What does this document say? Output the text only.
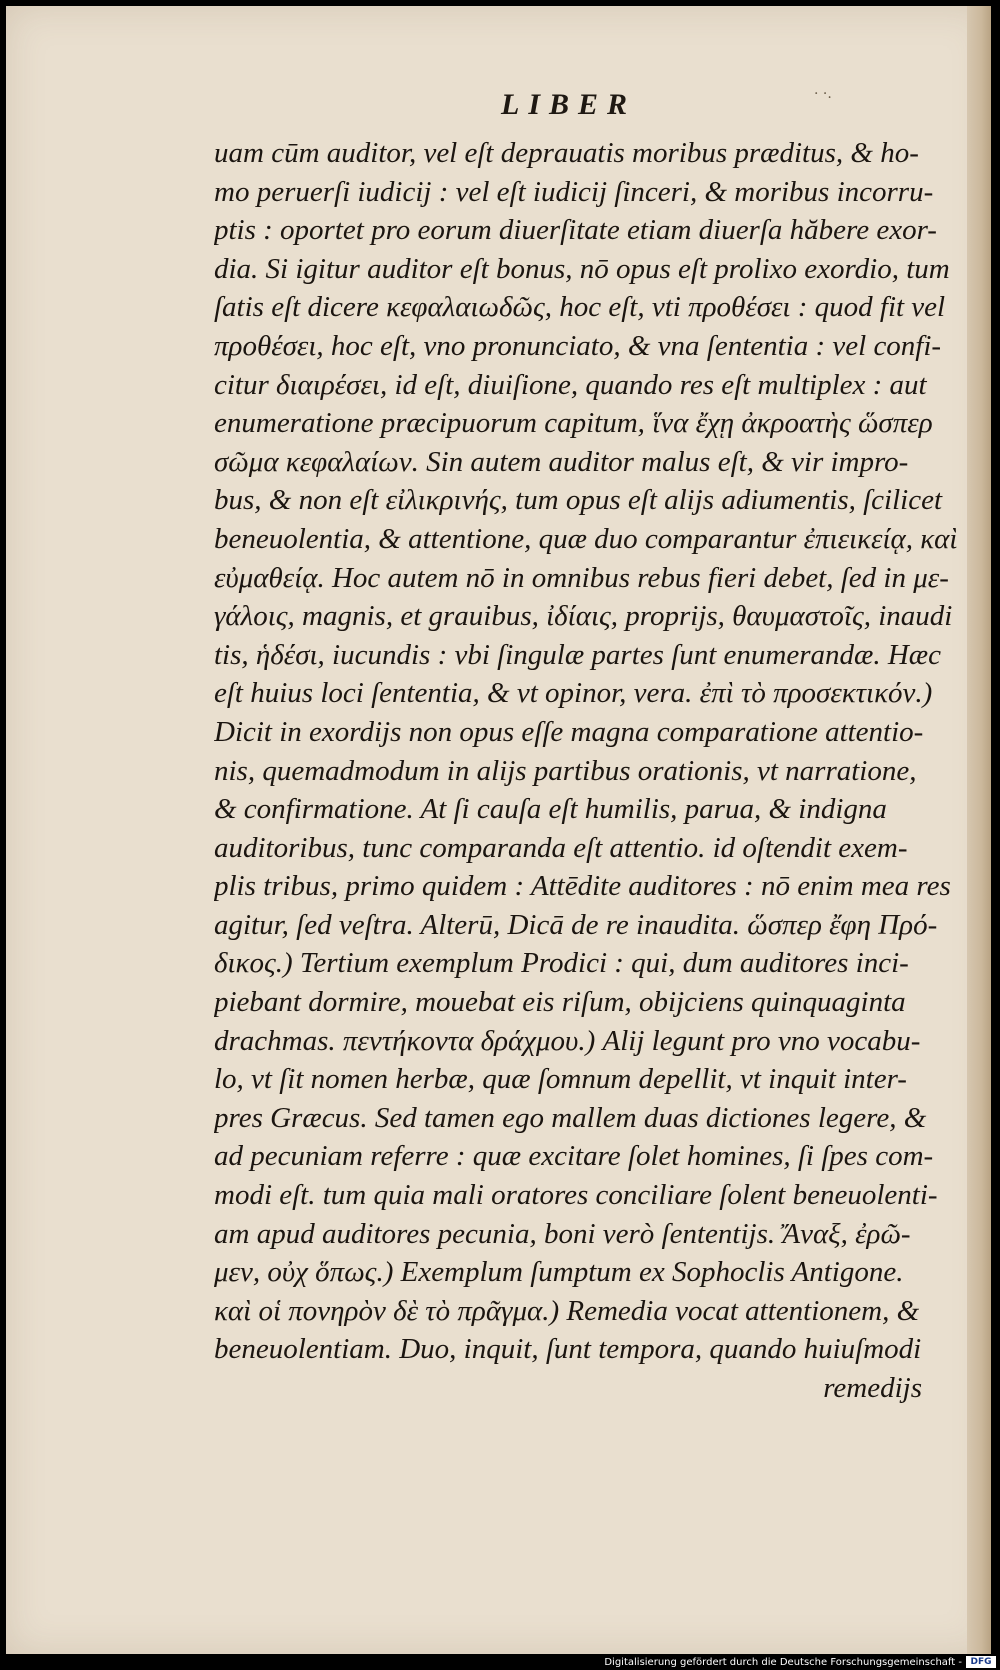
LIBER	· ·.
uam cūm auditor, vel eſt deprauatis moribus præditus, & ho-
mo peruerſi iudicij : vel eſt iudicij ſinceri, & moribus incorru-
ptis : oportet pro eorum diuerſitate etiam diuerſa hăbere exor-
dia. Si igitur auditor eſt bonus, nō opus eſt prolixo exordio, tum
ſatis eſt dicere κεφαλαιωδῶς, hoc eſt, vti προθέσει : quod fit vel
προθέσει, hoc eſt, vno pronunciato, & vna ſententia : vel confi-
citur διαιρέσει, id eſt, diuiſione, quando res eſt multiplex : aut
enumeratione præcipuorum capitum, ἵνα ἔχῃ ἀκροατὴς ὥσπερ
σῶμα κεφαλαίων. Sin autem auditor malus eſt, & vir impro-
bus, & non eſt εἰλικρινής, tum opus eſt alijs adiumentis, ſcilicet
beneuolentia, & attentione, quæ duo comparantur ἐπιεικείᾳ, καὶ
εὐμαθείᾳ. Hoc autem nō in omnibus rebus fieri debet, ſed in με-
γάλοις, magnis, et grauibus, ἰδίαις, proprijs, θαυμαστοῖς, inaudi
tis, ἡδέσι, iucundis : vbi ſingulæ partes ſunt enumerandæ. Hæc
eſt huius loci ſententia, & vt opinor, vera. ἐπὶ τὸ προσεκτικόν.)
Dicit in exordijs non opus eſſe magna comparatione attentio-
nis, quemadmodum in alijs partibus orationis, vt narratione,
& confirmatione. At ſi cauſa eſt humilis, parua, & indigna
auditoribus, tunc comparanda eſt attentio. id oſtendit exem-
plis tribus, primo quidem : Attēdite auditores : nō enim mea res
agitur, ſed veſtra. Alterū, Dicā de re inaudita. ὥσπερ ἔφη Πρό-
δικος.) Tertium exemplum Prodici : qui, dum auditores inci-
piebant dormire, mouebat eis riſum, obijciens quinquaginta
drachmas. πεντήκοντα δράχμου.) Alij legunt pro vno vocabu-
lo, vt ſit nomen herbæ, quæ ſomnum depellit, vt inquit inter-
pres Græcus. Sed tamen ego mallem duas dictiones legere, &
ad pecuniam referre : quæ excitare ſolet homines, ſi ſpes com-
modi eſt. tum quia mali oratores conciliare ſolent beneuolenti-
am apud auditores pecunia, boni verò ſententijs. Ἄναξ, ἐρῶ-
μεν, οὐχ ὅπως.) Exemplum ſumptum ex Sophoclis Antigone.
καὶ οἱ πονηρὸν δὲ τὸ πρᾶγμα.) Remedia vocat attentionem, &
beneuolentiam. Duo, inquit, ſunt tempora, quando huiuſmodi
remedijs
Digitalisierung gefördert durch die Deutsche Forschungsgemeinschaft - DFG
